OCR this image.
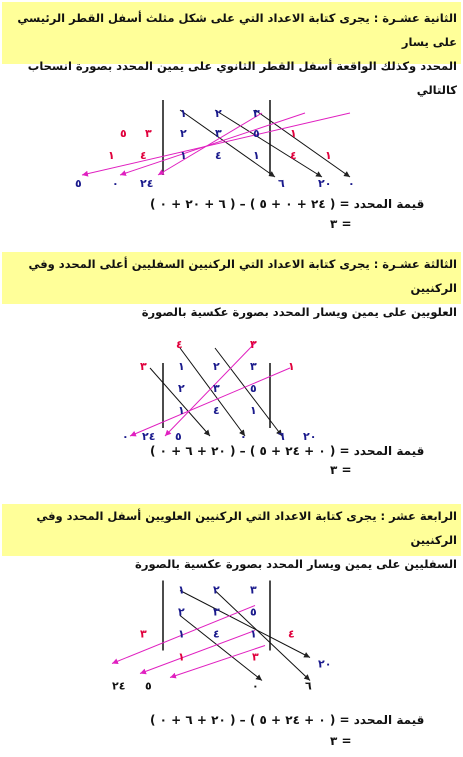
الثانية عشـرة : يجرى كتابة الاعداد التي على شكل مثلث أسفل القطر الرئيسي على يسار
المحدد وكذلك الواقعة أسفل القطر الثانوي على يمين المحدد بصورة انسحاب كالتالي
١	٢	٣
٢	٣	٥
١	٤	١
٥ ٣
١ ٤
١
٤	١
٥	٠ ٢٤	٦	٢٠ ٠
قيمة المحدد = ( ٢٤ + ٠ + ٥ ) – ( ٦ + ٢٠ + ٠ )
= ٣
الثالثة عشـرة : يجرى كتابة الاعداد التي الركنيين السفليين أعلى المحدد وفي الركنيين
العلويين على يمين ويسار المحدد بصورة عكسية بالصورة
٤	٣
٣	١
١	٢	٣
٢	٣	٥
١	٤	١
٥
٢٤
٠	٦ ٢٠
٠
قيمة المحدد = ( ٠ + ٢٤ + ٥ ) – ( ٢٠ + ٦ + ٠ )
= ٣
الرابعة عشر : يجرى كتابة الاعداد التي الركنيين العلويين أسفل المحدد وفي الركنيين
السفليين على يمين ويسار المحدد بصورة عكسية بالصورة
١	٢	٣
٢	٣	٥
١	٤	١
٣	٤
١	٣
٢٤ ٥	٠	٦
٢٠
قيمة المحدد = ( ٠ + ٢٤ + ٥ ) – ( ٢٠ + ٦ + ٠ )
= ٣
